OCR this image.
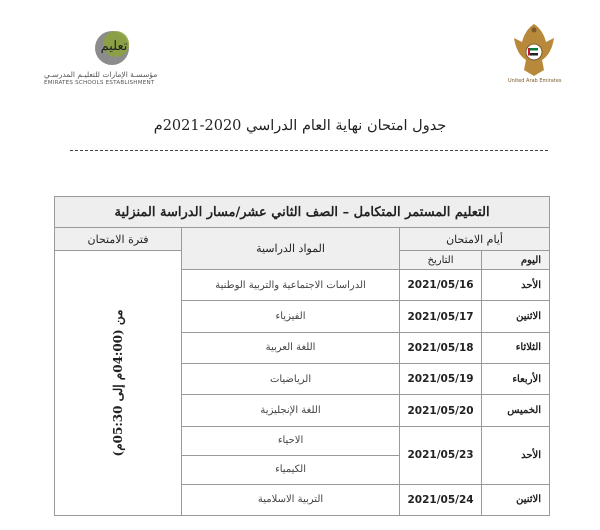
تعليم
مؤسسـة الإمارات للتعليـم المدرسـي
EMIRATES SCHOOLS ESTABLISHMENT	United Arab Emirates
جدول امتحان نهاية العام الدراسي 2020-2021م
التعليم المستمر المتكامل – الصف الثاني عشر/مسار الدراسة المنزلية			
أيام الامتحان		المواد الدراسية	فترة الامتحان
اليوم	التاريخ		من (04:00م إلى 05:30م)

الأحد	2021/05/16	الدراسات الاجتماعية والتربية الوطنية	
الاثنين	2021/05/17	الفيزياء	
الثلاثاء	2021/05/18	اللغة العربية	
الأربعاء	2021/05/19	الرياضيات	
الخميس	2021/05/20	اللغة الإنجليزية	
الأحد	2021/05/23	الاحياء	
		الكيمياء	
الاثنين	2021/05/24	التربية الاسلامية	
